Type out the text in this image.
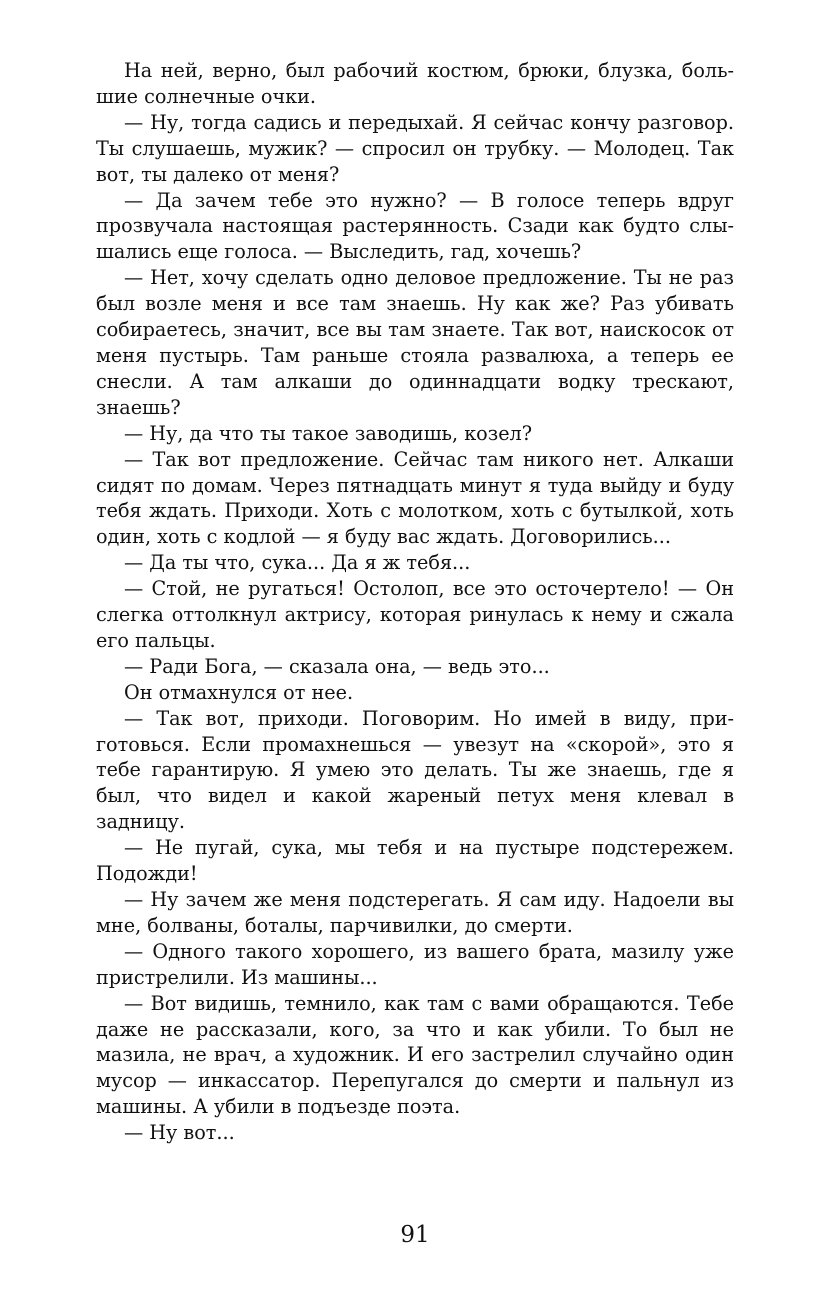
На ней, верно, был рабочий костюм, брюки, блузка, большие солнечные очки.

— Ну, тогда садись и передыхай. Я сейчас кончу разговор. Ты слушаешь, мужик? — спросил он трубку. — Молодец. Так вот, ты далеко от меня?

— Да зачем тебе это нужно? — В голосе теперь вдруг прозвучала настоящая растерянность. Сзади как будто слышались еще голоса. — Выследить, гад, хочешь?

— Нет, хочу сделать одно деловое предложение. Ты не раз был возле меня и все там знаешь. Ну как же? Раз убивать собираетесь, значит, все вы там знаете. Так вот, наискосок от меня пустырь. Там раньше стояла развалюха, а теперь ее снесли. А там алкаши до одиннадцати водку трескают, знаешь?

— Ну, да что ты такое заводишь, козел?

— Так вот предложение. Сейчас там никого нет. Алкаши сидят по домам. Через пятнадцать минут я туда выйду и буду тебя ждать. Приходи. Хоть с молотком, хоть с бутылкой, хоть один, хоть с кодлой — я буду вас ждать. Договорились...

— Да ты что, сука... Да я ж тебя...

— Стой, не ругаться! Остолоп, все это осточертело! — Он слегка оттолкнул актрису, которая ринулась к нему и сжала его пальцы.

— Ради Бога, — сказала она, — ведь это...

Он отмахнулся от нее.

— Так вот, приходи. Поговорим. Но имей в виду, приготовься. Если промахнешься — увезут на «скорой», это я тебе гарантирую. Я умею это делать. Ты же знаешь, где я был, что видел и какой жареный петух меня клевал в задницу.

— Не пугай, сука, мы тебя и на пустыре подстережем. Подожди!

— Ну зачем же меня подстерегать. Я сам иду. Надоели вы мне, болваны, боталы, парчивилки, до смерти.

— Одного такого хорошего, из вашего брата, мазилу уже пристрелили. Из машины...

— Вот видишь, темнило, как там с вами обращаются. Тебе даже не рассказали, кого, за что и как убили. То был не мазила, не врач, а художник. И его застрелил случайно один мусор — инкассатор. Перепугался до смерти и пальнул из машины. А убили в подъезде поэта.

— Ну вот...

91
